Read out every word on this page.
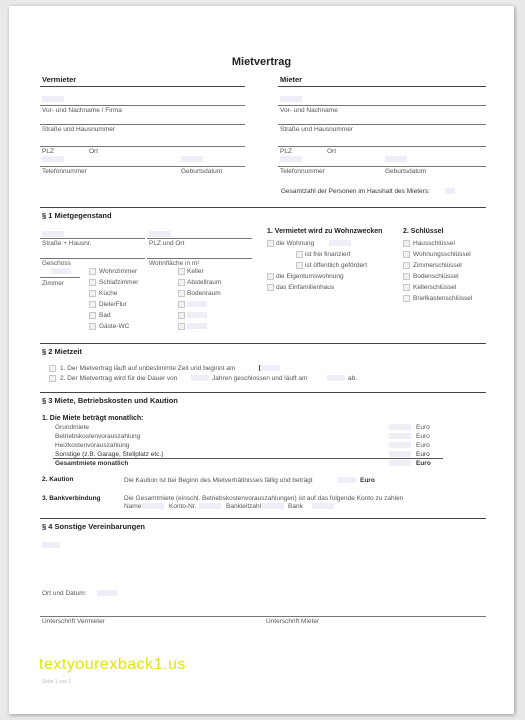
Mietvertrag
Vermieter	Mieter
Vor- und Nachname / Firma	Vor- und Nachname
Straße und Hausnummer	Straße und Hausnummer
PLZ	Ort	PLZ	Ort
Telefonnummer	Geburtsdatum	Telefonnummer	Geburtsdatum
Gesamtzahl der Personen im Haushalt des Mieters:
§ 1 Mietgegenstand
Straße + Hausnr.	PLZ und Ort
Geschoss	Wohnfläche in m²
Zimmer
Wohnzimmer
Schlafzimmer
Küche
Diele/Flur
Bad
Gäste-WC
Keller
Abstellraum
Bodenraum
1. Vermietet wird zu Wohnzwecken
die Wohnung
ist frei finanziert
ist öffentlich gefördert
die Eigentumswohnung
das Einfamilienhaus
2. Schlüssel
Hausschlüssel
Wohnungsschlüssel
Zimmerschlüssel
Bodenschlüssel
Kellerschlüssel
Briefkastenschlüssel
§ 2 Mietzeit
1. Der Mietvertrag läuft auf unbestimmte Zeit und beginnt am
2. Der Mietvertrag wird für die Dauer von	Jahren geschlossen und läuft am	ab.
§ 3 Miete, Betriebskosten und Kaution
1. Die Miete beträgt monatlich:
Grundmiete	Euro
Betriebskostenvorauszahlung	Euro
Heizkostenvorauszahlung	Euro
Sonstige (z.B. Garage, Stellplatz etc.)	Euro
Gesamtmiete monatlich	Euro
2. Kaution	Die Kaution ist bei Beginn des Mietverhältnisses fällig und beträgt	Euro
3. Bankverbindung	Die Gesamtmiete (einschl. Betriebskostenvorauszahlungen) ist auf das folgende Konto zu zahlen
Name	Konto-Nr.	Bankleitzahl	Bank
§ 4 Sonstige Vereinbarungen
Ort und Datum:
Unterschrift Vermieter	Unterschrift Mieter
textyourexback1.us
Seite 1 von 1
